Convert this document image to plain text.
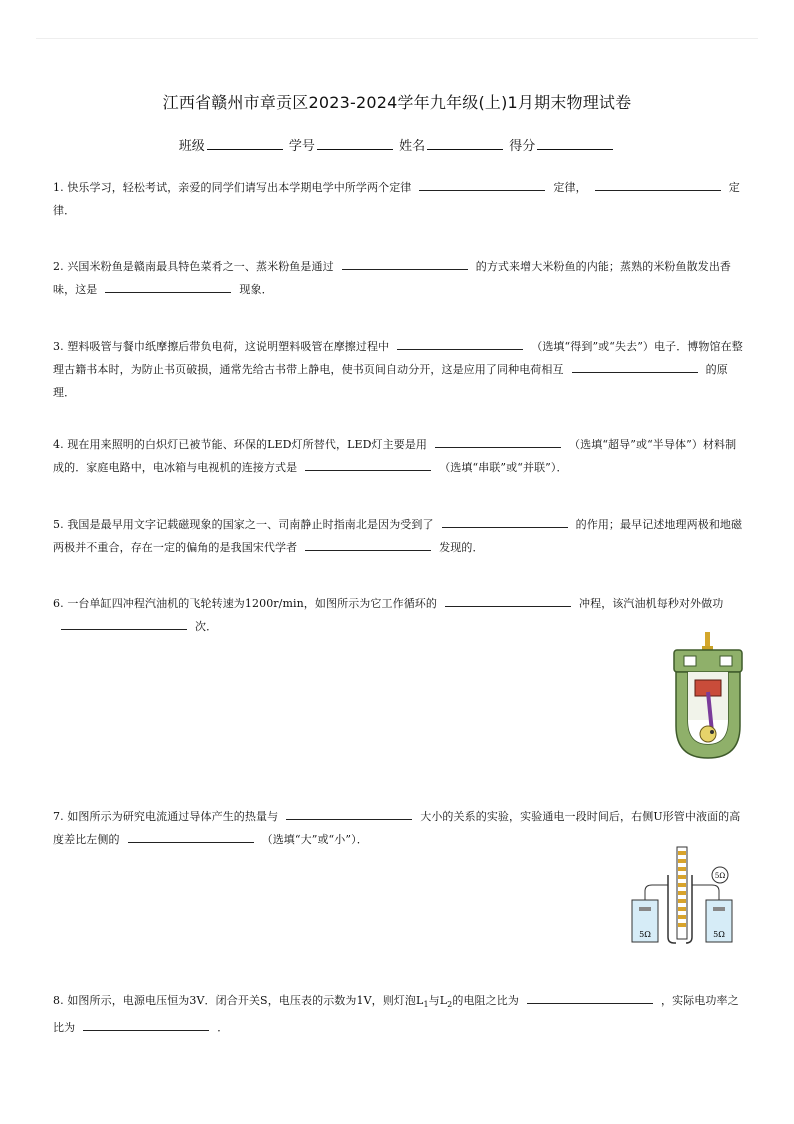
江西省赣州市章贡区2023-2024学年九年级(上)1月期末物理试卷
班级	学号	姓名	得分
1. 快乐学习，轻松考试，亲爱的同学们请写出本学期电学中所学两个定律	定律，	定律．
2. 兴国米粉鱼是赣南最具特色菜肴之一、蒸米粉鱼是通过	的方式来增大米粉鱼的内能；蒸熟的米粉鱼散发出香味，这是	现象．
3. 塑料吸管与餐巾纸摩擦后带负电荷，这说明塑料吸管在摩擦过程中	（选填“得到”或“失去”）电子．博物馆在整理古籍书本时，为防止书页破损，通常先给古书带上静电，使书页间自动分开，这是应用了同种电荷相互	的原理．
4. 现在用来照明的白炽灯已被节能、环保的LED灯所替代，LED灯主要是用	（选填“超导”或“半导体”）材料制成的．家庭电路中，电冰箱与电视机的连接方式是	（选填“串联”或“并联”）．
5. 我国是最早用文字记载磁现象的国家之一、司南静止时指南北是因为受到了	的作用；最早记述地理两极和地磁两极并不重合，存在一定的偏角的是我国宋代学者	发现的．
6. 一台单缸四冲程汽油机的飞轮转速为1200r/min，如图所示为它工作循环的	冲程，该汽油机每秒对外做功次．
7. 如图所示为研究电流通过导体产生的热量与	大小的关系的实验，实验通电一段时间后，右侧U形管中液面的高度差比左侧的	（选填“大”或“小”）．
5Ω
5Ω	5Ω
8. 如图所示，电源电压恒为3V．闭合开关S，电压表的示数为1V，则灯泡$L_1$与$L_2$的电阻之比为	，实际电功率之比为	．
